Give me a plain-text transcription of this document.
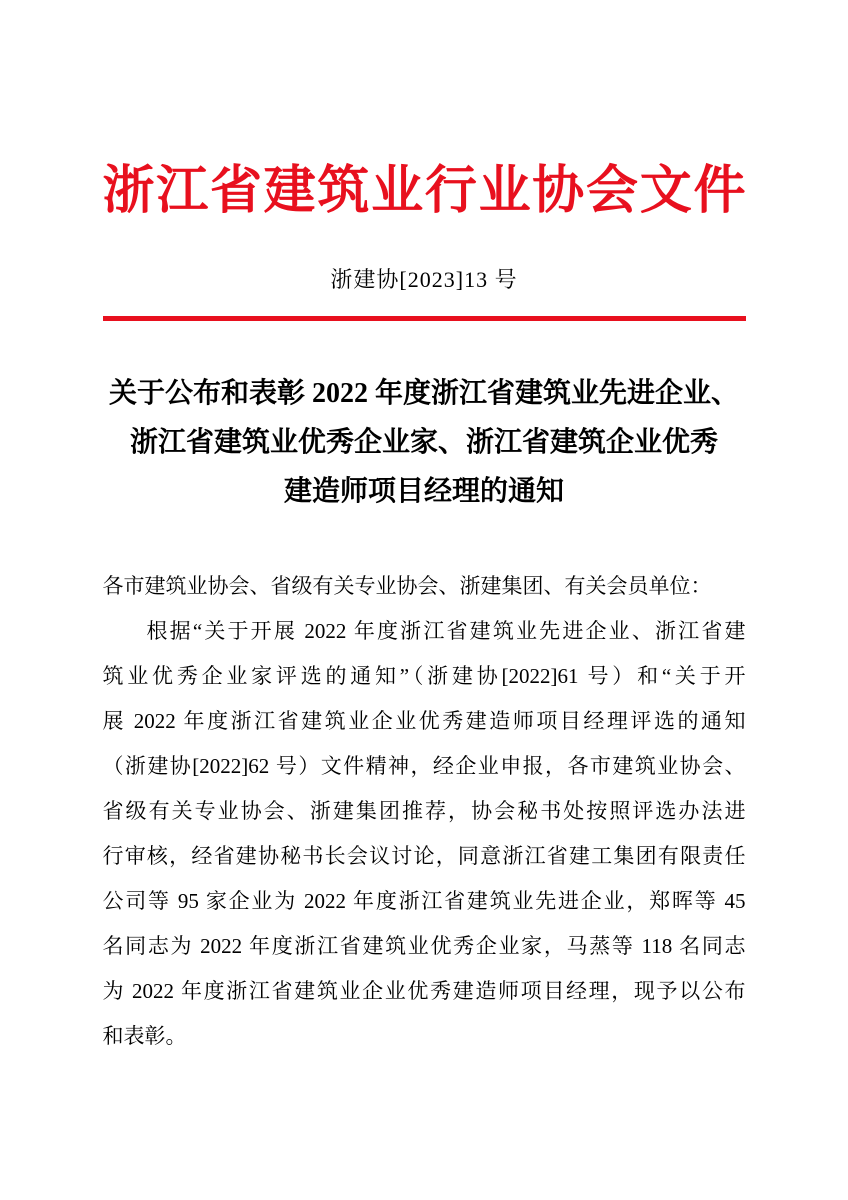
浙江省建筑业行业协会文件
浙建协[2023]13 号
关于公布和表彰 2022 年度浙江省建筑业先进企业、
浙江省建筑业优秀企业家、浙江省建筑企业优秀
建造师项目经理的通知
各市建筑业协会、省级有关专业协会、浙建集团、有关会员单位：
根据“关于开展 2022 年度浙江省建筑业先进企业、浙江省建
筑业优秀企业家评选的通知”（浙建协[2022]61 号）和“关于开
展 2022 年度浙江省建筑业企业优秀建造师项目经理评选的通知
（浙建协[2022]62 号）文件精神，经企业申报，各市建筑业协会、
省级有关专业协会、浙建集团推荐，协会秘书处按照评选办法进
行审核，经省建协秘书长会议讨论，同意浙江省建工集团有限责任
公司等 95 家企业为 2022 年度浙江省建筑业先进企业，郑晖等 45
名同志为 2022 年度浙江省建筑业优秀企业家，马蒸等 118 名同志
为 2022 年度浙江省建筑业企业优秀建造师项目经理，现予以公布
和表彰。
